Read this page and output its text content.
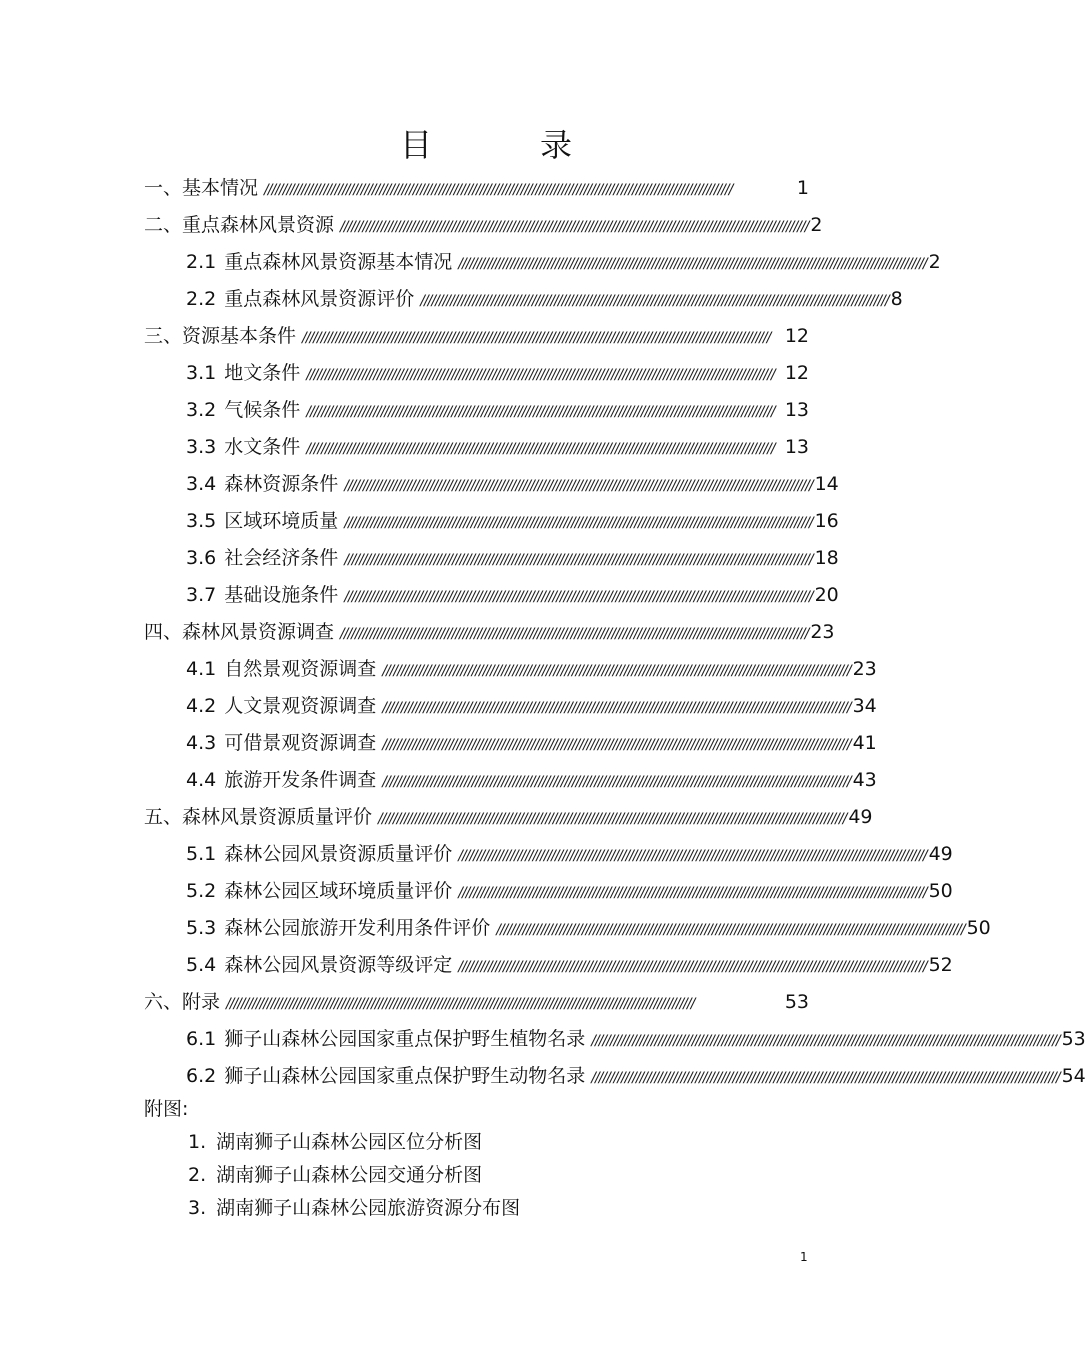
目　录
一、基本情况 //////////////////////////////////////////////////////////////////////////////////////////////////////////////////////////////	1
二、重点森林风景资源 ////////////////////////////////////////////////////////////////////////////////////////////////////////////////////////////// 2
2.1 重点森林风景资源基本情况 ////////////////////////////////////////////////////////////////////////////////////////////////////////////////////////////// 2
2.2 重点森林风景资源评价 ////////////////////////////////////////////////////////////////////////////////////////////////////////////////////////////// 8
三、资源基本条件 ////////////////////////////////////////////////////////////////////////////////////////////////////////////////////////////// 12
3.1 地文条件 ////////////////////////////////////////////////////////////////////////////////////////////////////////////////////////////// 12
3.2 气候条件 ////////////////////////////////////////////////////////////////////////////////////////////////////////////////////////////// 13
3.3 水文条件 ////////////////////////////////////////////////////////////////////////////////////////////////////////////////////////////// 13
3.4 森林资源条件 ////////////////////////////////////////////////////////////////////////////////////////////////////////////////////////////// 14
3.5 区域环境质量 ////////////////////////////////////////////////////////////////////////////////////////////////////////////////////////////// 16
3.6 社会经济条件 ////////////////////////////////////////////////////////////////////////////////////////////////////////////////////////////// 18
3.7 基础设施条件 ////////////////////////////////////////////////////////////////////////////////////////////////////////////////////////////// 20
四、森林风景资源调查 ////////////////////////////////////////////////////////////////////////////////////////////////////////////////////////////// 23
4.1 自然景观资源调查 ////////////////////////////////////////////////////////////////////////////////////////////////////////////////////////////// 23
4.2 人文景观资源调查 ////////////////////////////////////////////////////////////////////////////////////////////////////////////////////////////// 34
4.3 可借景观资源调查 ////////////////////////////////////////////////////////////////////////////////////////////////////////////////////////////// 41
4.4 旅游开发条件调查 ////////////////////////////////////////////////////////////////////////////////////////////////////////////////////////////// 43
五、森林风景资源质量评价 ////////////////////////////////////////////////////////////////////////////////////////////////////////////////////////////// 49
5.1 森林公园风景资源质量评价 ////////////////////////////////////////////////////////////////////////////////////////////////////////////////////////////// 49
5.2 森林公园区域环境质量评价 ////////////////////////////////////////////////////////////////////////////////////////////////////////////////////////////// 50
5.3 森林公园旅游开发利用条件评价 ////////////////////////////////////////////////////////////////////////////////////////////////////////////////////////////// 50
5.4 森林公园风景资源等级评定 ////////////////////////////////////////////////////////////////////////////////////////////////////////////////////////////// 52
六、附录 //////////////////////////////////////////////////////////////////////////////////////////////////////////////////////////////	53
6.1 狮子山森林公园国家重点保护野生植物名录 ////////////////////////////////////////////////////////////////////////////////////////////////////////////////////////////// 53
6.2 狮子山森林公园国家重点保护野生动物名录 ////////////////////////////////////////////////////////////////////////////////////////////////////////////////////////////// 54
附图:
1. 湖南狮子山森林公园区位分析图
2. 湖南狮子山森林公园交通分析图
3. 湖南狮子山森林公园旅游资源分布图
1
